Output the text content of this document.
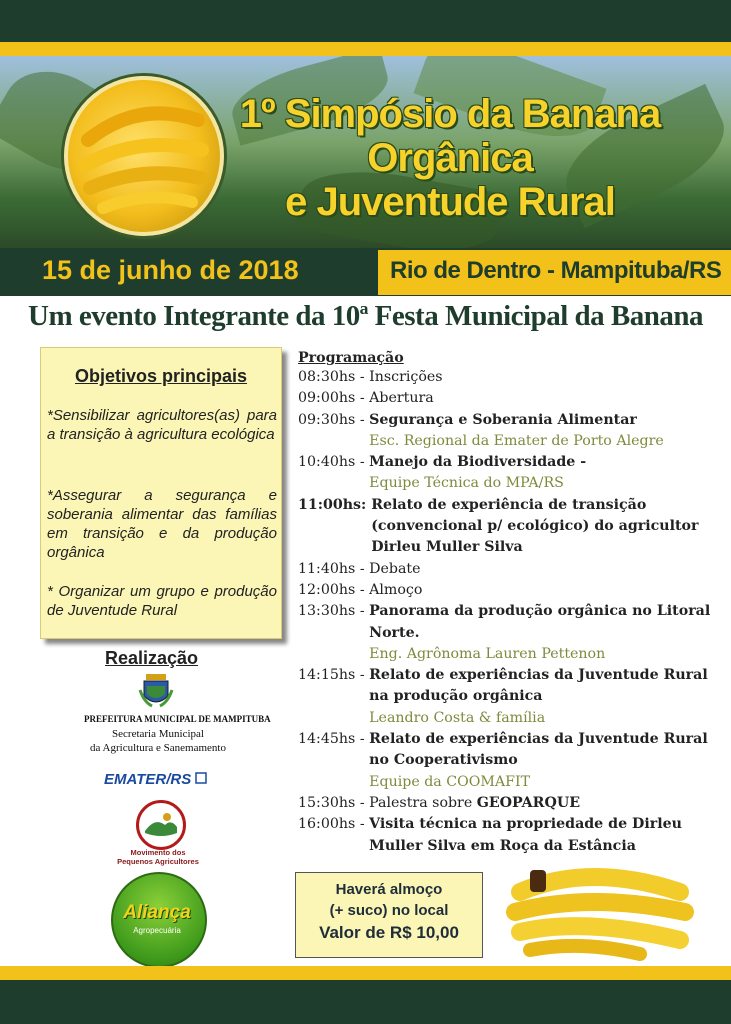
1º Simpósio da Banana Orgânica
e Juventude Rural
15 de junho de 2018	Rio de Dentro - Mampituba/RS
Um evento Integrante da 10ª Festa Municipal da Banana
Objetivos principais
*Sensibilizar agricultores(as) para a transição à agricultura ecológica
*Assegurar a segurança e soberania alimentar das famílias em transição e da produção orgânica
* Organizar um grupo e produção de Juventude Rural
Realização
PREFEITURA MUNICIPAL DE MAMPITUBA
Secretaria Municipal
da Agricultura e Sanemamento
EMATER/RS
Movimento dos
Pequenos Agricultores
Aliança
Agropecuária
Programação
08:30hs - Inscrições
09:00hs - Abertura
09:30hs - Segurança e Soberania Alimentar
Esc. Regional da Emater de Porto Alegre
10:40hs - Manejo da Biodiversidade -
Equipe Técnica do MPA/RS
11:00hs: Relato de experiência de transição (convencional p/ ecológico) do agricultor Dirleu Muller Silva
11:40hs - Debate
12:00hs - Almoço
13:30hs - Panorama da produção orgânica no Litoral Norte.
Eng. Agrônoma Lauren Pettenon
14:15hs - Relato de experiências da Juventude Rural na produção orgânica
Leandro Costa & família
14:45hs - Relato de experiências da Juventude Rural no Cooperativismo
Equipe da COOMAFIT
15:30hs - Palestra sobre GEOPARQUE
16:00hs - Visita técnica na propriedade de Dirleu Muller Silva em Roça da Estância
Haverá almoço
(+ suco) no local
Valor de R$ 10,00
